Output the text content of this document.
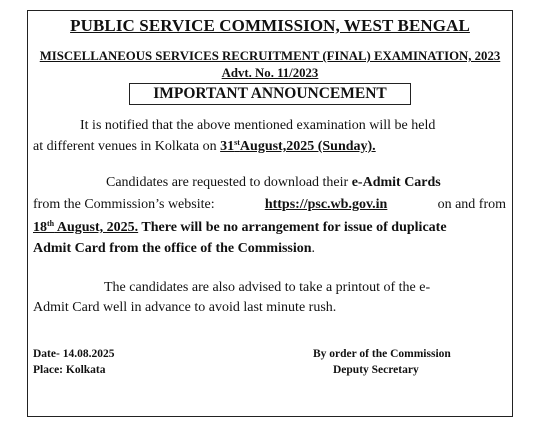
PUBLIC SERVICE COMMISSION, WEST BENGAL
MISCELLANEOUS SERVICES RECRUITMENT (FINAL) EXAMINATION, 2023
Advt. No. 11/2023
IMPORTANT ANNOUNCEMENT
It is notified that the above mentioned examination will be held
at different venues in Kolkata on 31stAugust,2025 (Sunday).
Candidates are requested to download their e-Admit Cards
from the Commission’s website:	https://psc.wb.gov.in	on and from
18th August, 2025. There will be no arrangement for issue of duplicate
Admit Card from the office of the Commission.
The candidates are also advised to take a printout of the e-
Admit Card well in advance to avoid last minute rush.
Date- 14.08.2025
Place: Kolkata
By order of the Commission
Deputy Secretary
